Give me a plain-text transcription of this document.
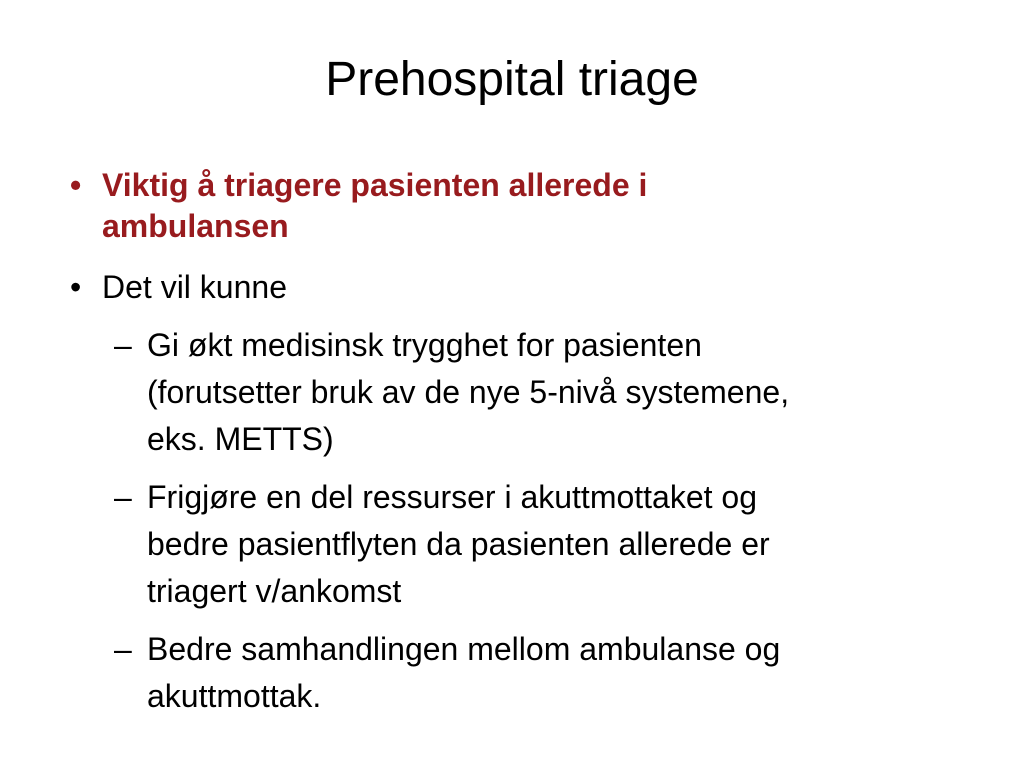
Prehospital triage
• Viktig å triagere pasienten allerede i
ambulansen
• Det vil kunne
– Gi økt medisinsk trygghet for pasienten
(forutsetter bruk av de nye 5-nivå systemene,
eks. METTS)
– Frigjøre en del ressurser i akuttmottaket og
bedre pasientflyten da pasienten allerede er
triagert v/ankomst
– Bedre samhandlingen mellom ambulanse og
akuttmottak.
